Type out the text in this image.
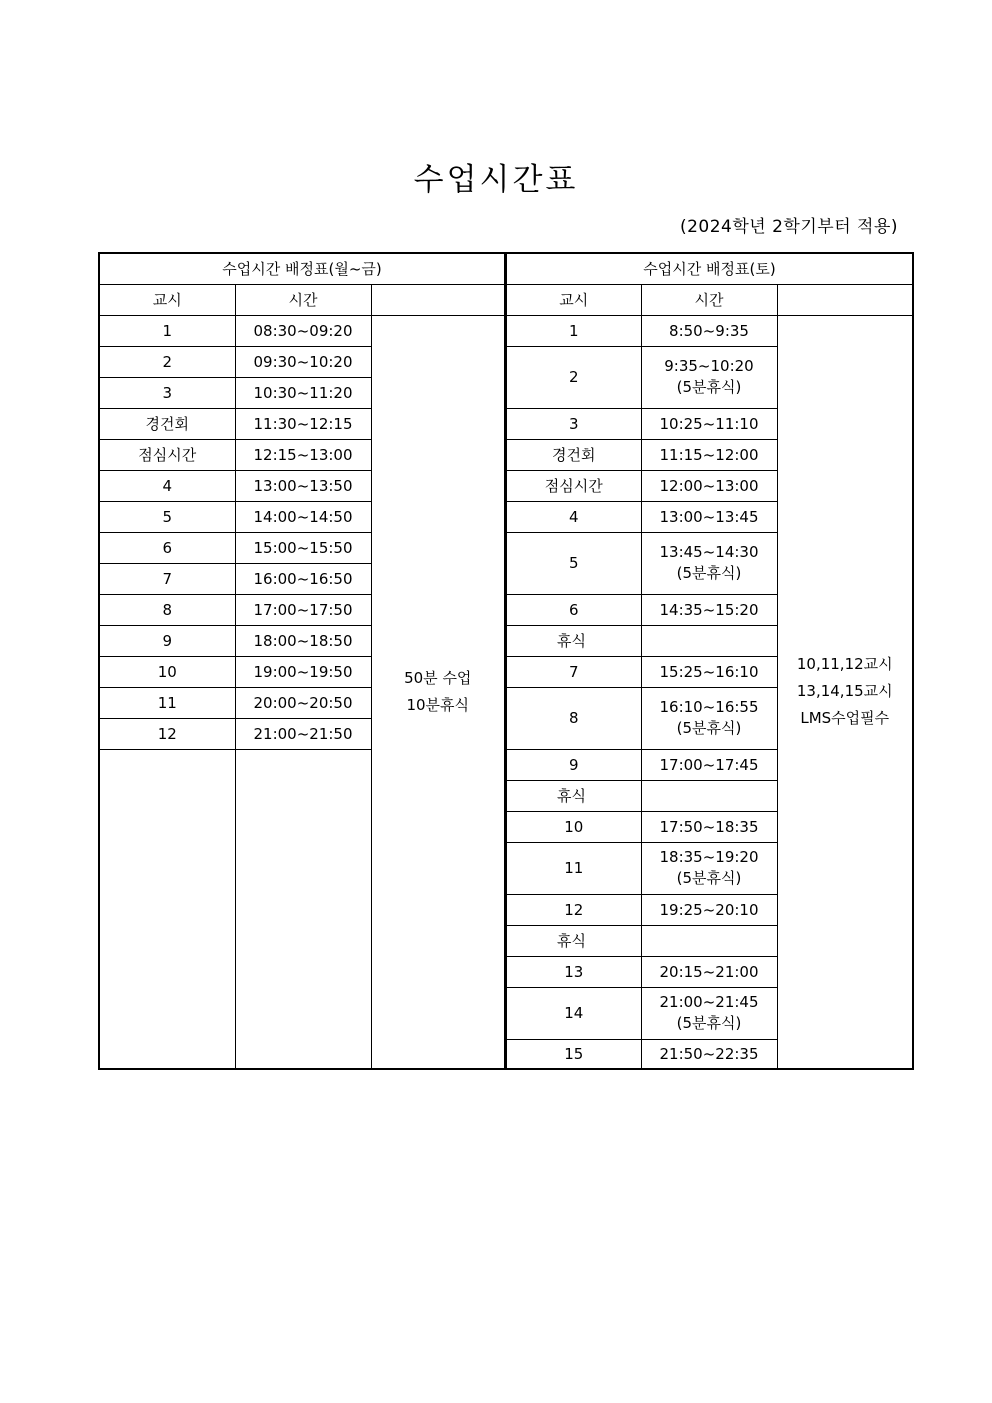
수업시간표
(2024학년 2학기부터 적용)
수업시간 배정표(월~금)		
교시	시간	
1	08:30~09:20	50분 수업
10분휴식

2	09:30~10:20	
3	10:30~11:20	
경건회	11:30~12:15	
점심시간	12:15~13:00	
4	13:00~13:50	
5	14:00~14:50	
6	15:00~15:50	
7	16:00~16:50	
8	17:00~17:50	
9	18:00~18:50	
10	19:00~19:50	
11	20:00~20:50	
12	21:00~21:50	

수업시간 배정표(토)		
교시	시간	
1	8:50~9:35	10,11,12교시
13,14,15교시
LMS수업필수

2	9:35~10:20
(5분휴식)	

3	10:25~11:10	
경건회	11:15~12:00	
점심시간	12:00~13:00	
4	13:00~13:45	
5	13:45~14:30
(5분휴식)	

6	14:35~15:20	
휴식		
7	15:25~16:10	
8	16:10~16:55
(5분휴식)	

9	17:00~17:45	
휴식		
10	17:50~18:35	
11	18:35~19:20
(5분휴식)	

12	19:25~20:10	
휴식		
13	20:15~21:00	
14	21:00~21:45
(5분휴식)	

15	21:50~22:35	
